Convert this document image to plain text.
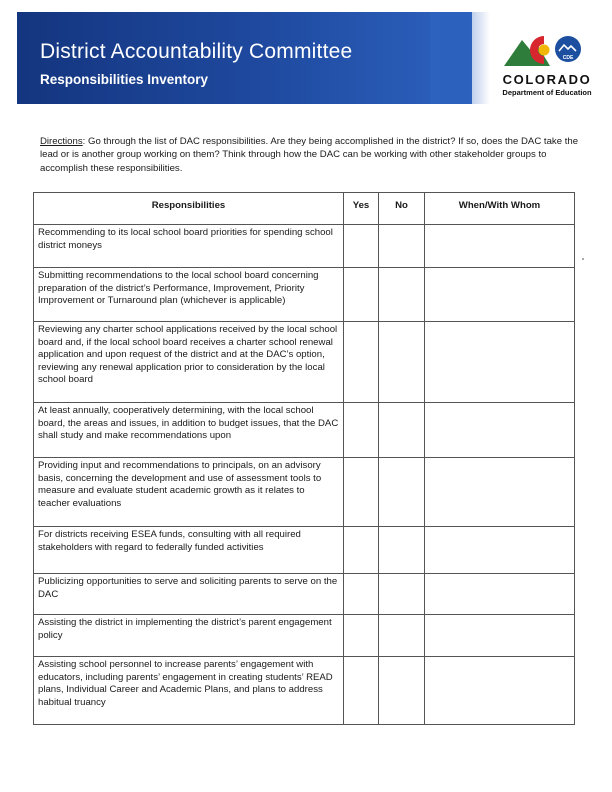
District Accountability Committee
Responsibilities Inventory
CDE
COLORADO
Department of Education
Directions: Go through the list of DAC responsibilities. Are they being accomplished in the district? If so, does the DAC take the lead or is another group working on them? Think through how the DAC can be working with other stakeholder groups to accomplish these responsibilities.
Responsibilities	Yes	No	When/With Whom
Recommending to its local school board priorities for spending school district moneys			
Submitting recommendations to the local school board concerning preparation of the district’s Performance, Improvement, Priority Improvement or Turnaround plan (whichever is applicable)			
Reviewing any charter school applications received by the local school board and, if the local school board receives a charter school renewal application and upon request of the district and at the DAC’s option, reviewing any renewal application prior to consideration by the local school board			
At least annually, cooperatively determining, with the local school board, the areas and issues, in addition to budget issues, that the DAC shall study and make recommendations upon			
Providing input and recommendations to principals, on an advisory basis, concerning the development and use of assessment tools to measure and evaluate student academic growth as it relates to teacher evaluations			
For districts receiving ESEA funds, consulting with all required stakeholders with regard to federally funded activities			
Publicizing opportunities to serve and soliciting parents to serve on the DAC			
Assisting the district in implementing the district’s parent engagement policy			
Assisting school personnel to increase parents’ engagement with educators, including parents’ engagement in creating students’ READ plans, Individual Career and Academic Plans, and plans to address habitual truancy			
